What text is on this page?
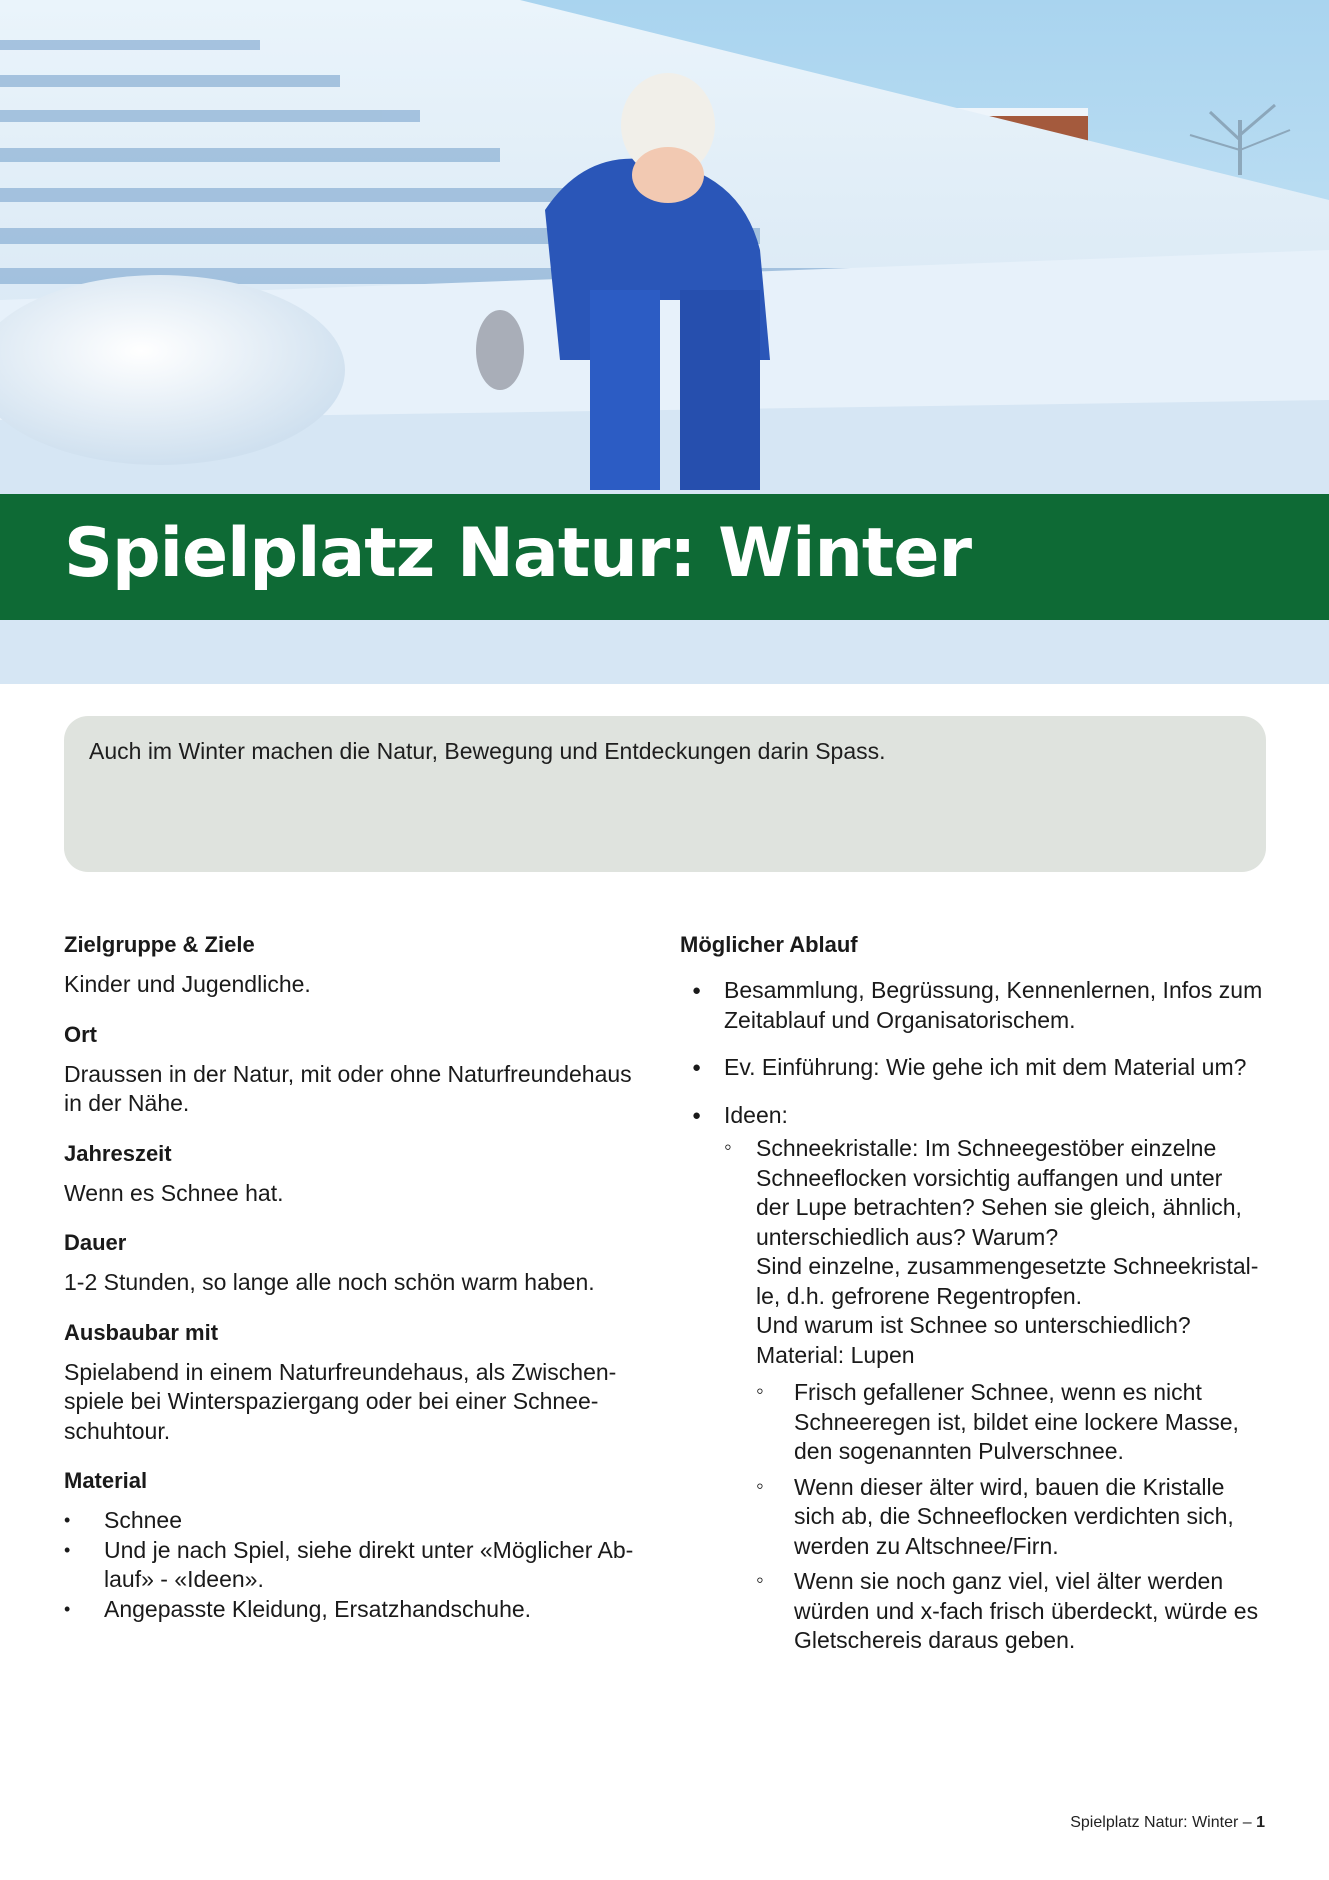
Spielplatz Natur: Winter

Auch im Winter machen die Natur, Bewegung und Entdeckungen darin Spass.

Zielgruppe & Ziele

Kinder und Jugendliche.

Ort

Draussen in der Natur, mit oder ohne Naturfreundehaus
in der Nähe.

Jahreszeit

Wenn es Schnee hat.

Dauer

1-2 Stunden, so lange alle noch schön warm haben.

Ausbaubar mit

Spielabend in einem Naturfreundehaus, als Zwischen-
spiele bei Winterspaziergang oder bei einer Schnee-
schuhtour.

Material
• Schnee
• Und je nach Spiel, siehe direkt unter «Möglicher Ab-
lauf» - «Ideen».
• Angepasste Kleidung, Ersatzhandschuhe.
Möglicher Ablauf
● Besammlung, Begrüssung, Kennenlernen, Infos zum
Zeitablauf und Organisatorischem.
● Ev. Einführung: Wie gehe ich mit dem Material um?
● Ideen:
◦ Schneekristalle: Im Schneegestöber einzelne
Schneeflocken vorsichtig auffangen und unter
der Lupe betrachten? Sehen sie gleich, ähnlich,
unterschiedlich aus? Warum?
Sind einzelne, zusammengesetzte Schneekristal-
le, d.h. gefrorene Regentropfen.
Und warum ist Schnee so unterschiedlich?
Material: Lupen
◦ Frisch gefallener Schnee, wenn es nicht
Schneeregen ist, bildet eine lockere Masse,
den sogenannten Pulverschnee.
◦ Wenn dieser älter wird, bauen die Kristalle
sich ab, die Schneeflocken verdichten sich,
werden zu Altschnee/Firn.
◦ Wenn sie noch ganz viel, viel älter werden
würden und x-fach frisch überdeckt, würde es
Gletschereis daraus geben.
Spielplatz Natur: Winter – 1
